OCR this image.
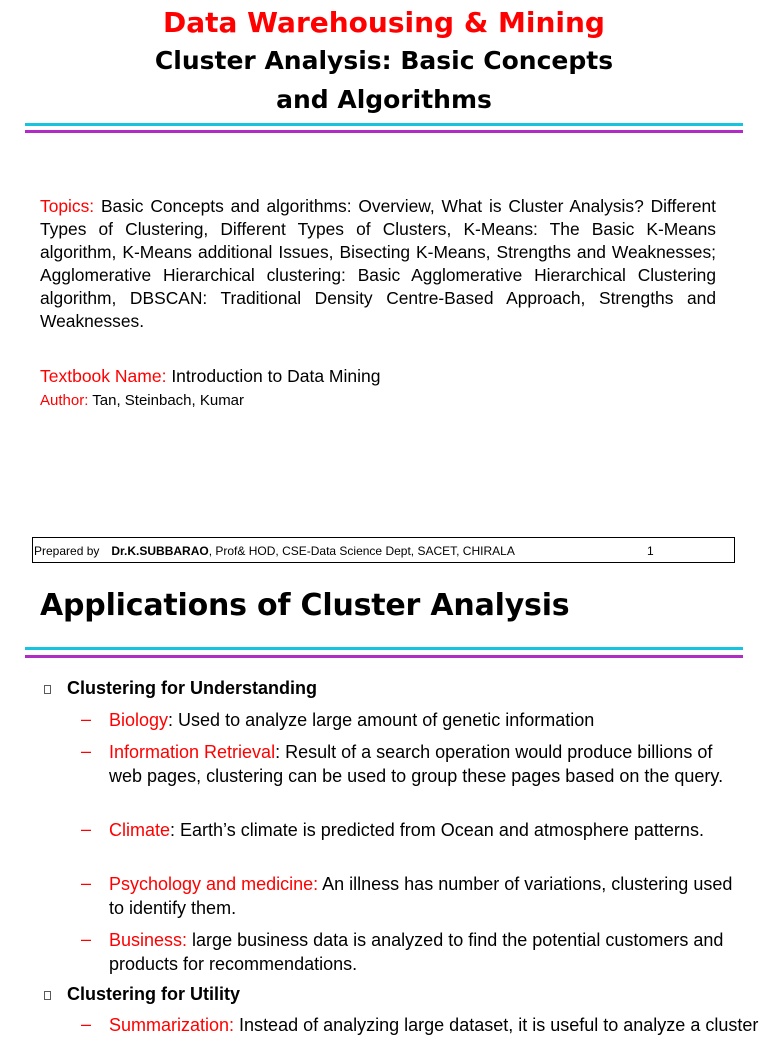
Data Warehousing & Mining
Cluster Analysis: Basic Concepts
and Algorithms
Topics: Basic Concepts and algorithms: Overview, What is Cluster Analysis? Different Types of Clustering, Different Types of Clusters, K-Means: The Basic K-Means algorithm, K-Means additional Issues, Bisecting K-Means, Strengths and Weaknesses; Agglomerative Hierarchical clustering: Basic Agglomerative Hierarchical Clustering algorithm, DBSCAN: Traditional Density Centre-Based Approach, Strengths and Weaknesses.
Textbook Name: Introduction to Data Mining
Author: Tan, Steinbach, Kumar
Prepared by Dr.K.SUBBARAO, Prof& HOD, CSE-Data Science Dept, SACET, CHIRALA	1
Applications of Cluster Analysis
Clustering for Understanding
– Biology: Used to analyze large amount of genetic information
– Information Retrieval: Result of a search operation would produce billions of web pages, clustering can be used to group these pages based on the query.
– Climate: Earth’s climate is predicted from Ocean and atmosphere patterns.
– Psychology and medicine: An illness has number of variations, clustering used to identify them.
– Business: large business data is analyzed to find the potential customers and products for recommendations.
Clustering for Utility
– Summarization: Instead of analyzing large dataset, it is useful to analyze a cluster
